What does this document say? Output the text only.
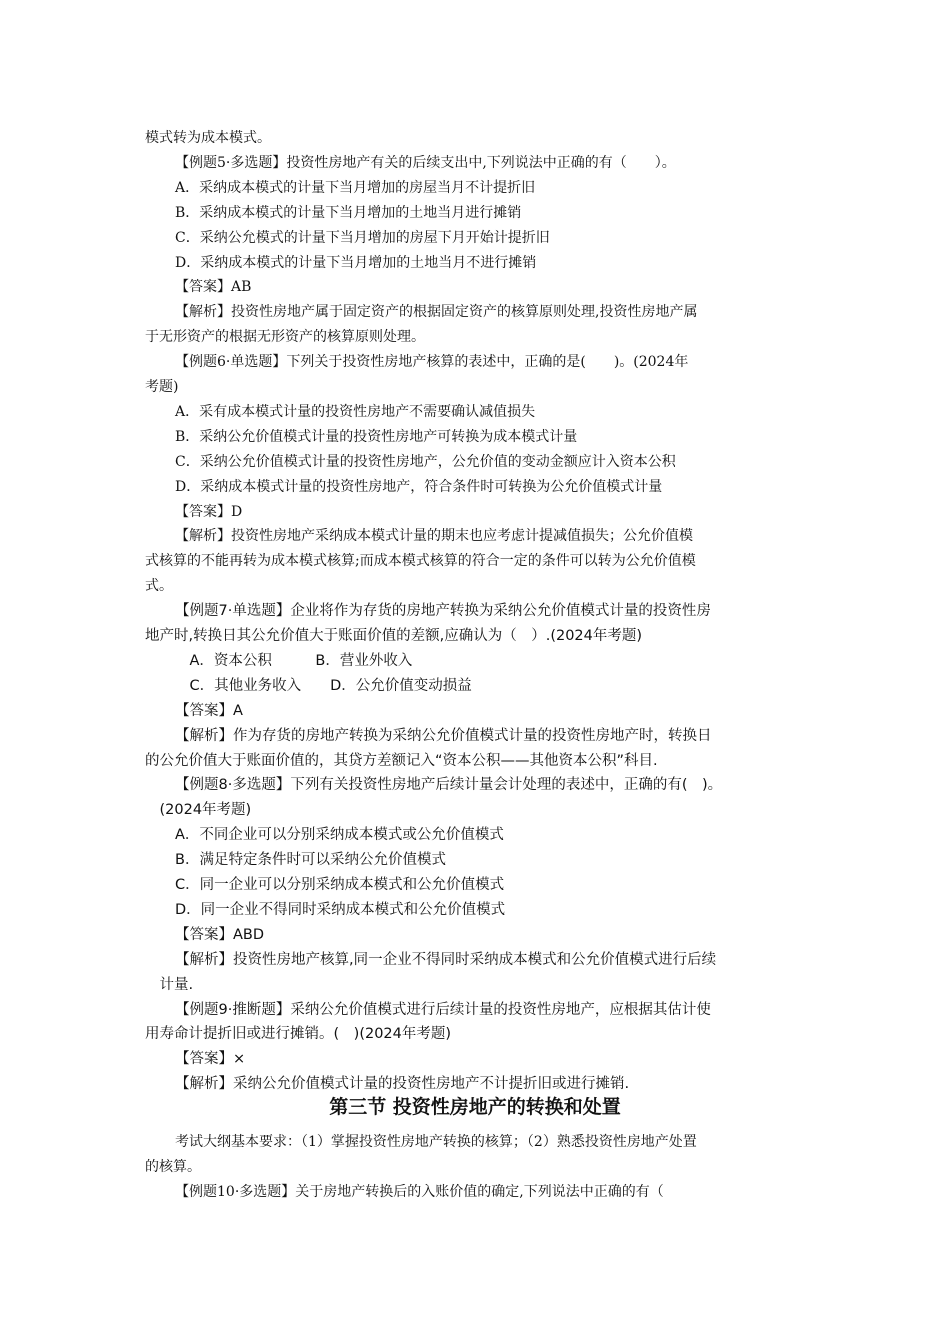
模式转为成本模式。
【例题5·多选题】投资性房地产有关的后续支出中,下列说法中正确的有（　　）。
A．采纳成本模式的计量下当月增加的房屋当月不计提折旧
B．采纳成本模式的计量下当月增加的土地当月进行摊销
C．采纳公允模式的计量下当月增加的房屋下月开始计提折旧
D．采纳成本模式的计量下当月增加的土地当月不进行摊销
【答案】AB
【解析】投资性房地产属于固定资产的根据固定资产的核算原则处理,投资性房地产属
于无形资产的根据无形资产的核算原则处理。
【例题6·单选题】下列关于投资性房地产核算的表述中，正确的是(　　)。(2024年
考题)
A．采有成本模式计量的投资性房地产不需要确认减值损失
B．采纳公允价值模式计量的投资性房地产可转换为成本模式计量
C．采纳公允价值模式计量的投资性房地产，公允价值的变动金额应计入资本公积
D．采纳成本模式计量的投资性房地产，符合条件时可转换为公允价值模式计量
【答案】D
【解析】投资性房地产采纳成本模式计量的期末也应考虑计提减值损失；公允价值模
式核算的不能再转为成本模式核算;而成本模式核算的符合一定的条件可以转为公允价值模
式。
【例题7·单选题】企业将作为存货的房地产转换为采纳公允价值模式计量的投资性房
地产时,转换日其公允价值大于账面价值的差额,应确认为（　）.(2024年考题)
　A．资本公积　　　B．营业外收入
　C．其他业务收入　　D．公允价值变动损益
【答案】A
【解析】作为存货的房地产转换为采纳公允价值模式计量的投资性房地产时，转换日
的公允价值大于账面价值的，其贷方差额记入“资本公积——其他资本公积”科目.
【例题8·多选题】下列有关投资性房地产后续计量会计处理的表述中，正确的有(　)。
　(2024年考题)
A．不同企业可以分别采纳成本模式或公允价值模式
B．满足特定条件时可以采纳公允价值模式
C．同一企业可以分别采纳成本模式和公允价值模式
D．同一企业不得同时采纳成本模式和公允价值模式
【答案】ABD
【解析】投资性房地产核算,同一企业不得同时采纳成本模式和公允价值模式进行后续
　计量.
【例题9·推断题】采纳公允价值模式进行后续计量的投资性房地产，应根据其估计使
用寿命计提折旧或进行摊销。(　)(2024年考题)
【答案】×
【解析】采纳公允价值模式计量的投资性房地产不计提折旧或进行摊销.
第三节 投资性房地产的转换和处置
考试大纲基本要求：（1）掌握投资性房地产转换的核算；（2）熟悉投资性房地产处置
的核算。
【例题10·多选题】关于房地产转换后的入账价值的确定,下列说法中正确的有（
